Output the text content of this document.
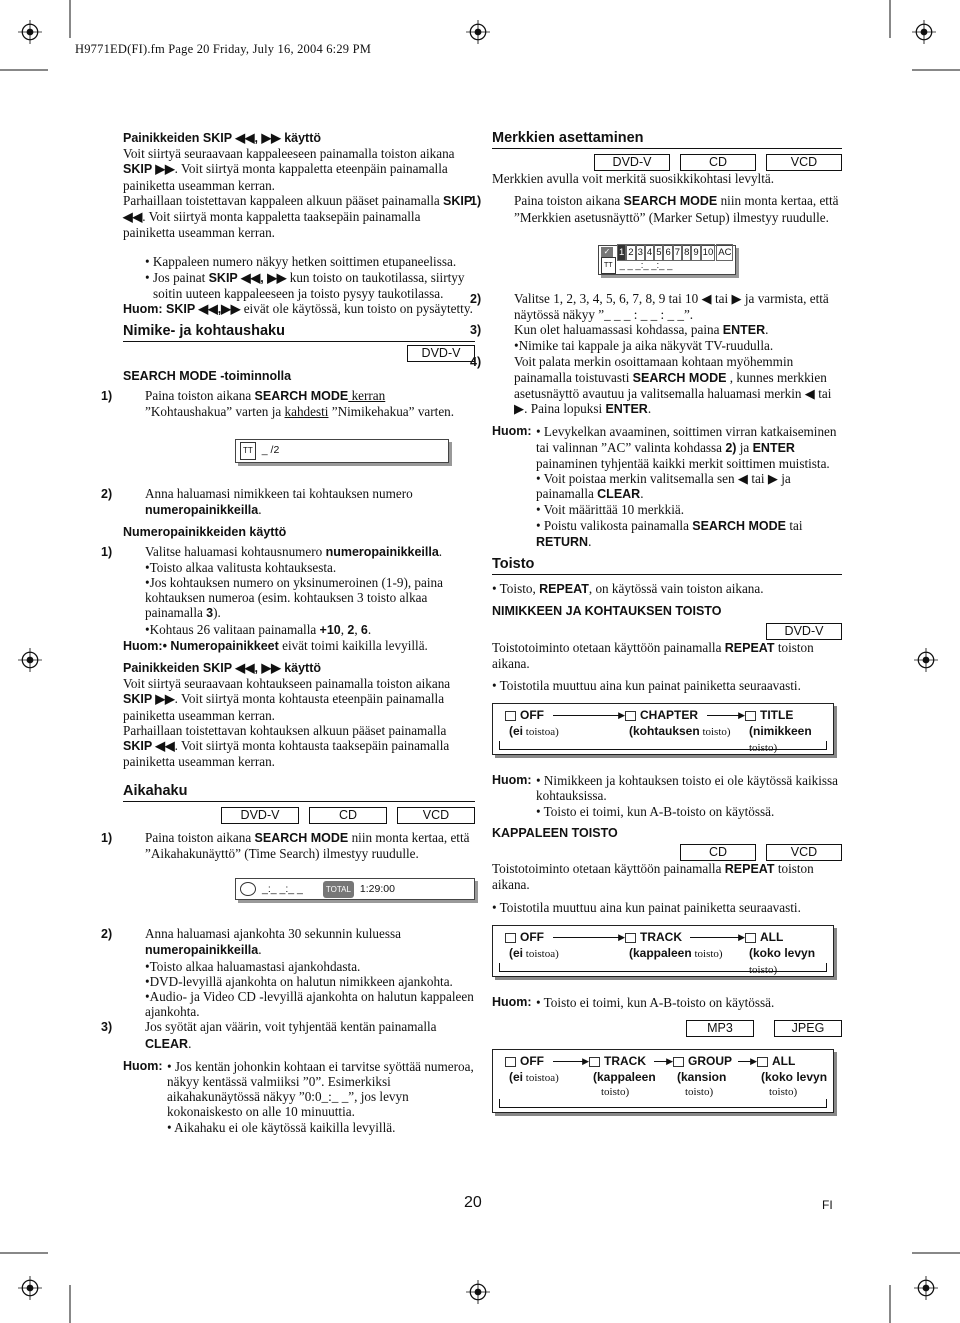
H9771ED(FI).fm Page 20 Friday, July 16, 2004 6:29 PM

Painikkeiden SKIP ◀◀, ▶▶ käyttö

Voit siirtyä seuraavaan kappaleeseen painamalla toiston aikana SKIP ▶▶. Voit siirtyä monta kappaletta eteenpäin painamalla painiketta useamman kerran.

Parhaillaan toistettavan kappaleen alkuun pääset painamalla SKIP ◀◀. Voit siirtyä monta kappaletta taaksepäin painamalla painiketta useamman kerran.

• Kappaleen numero näkyy hetken soittimen etupaneelissa.

• Jos painat SKIP ◀◀, ▶▶ kun toisto on taukotilassa, siirtyy soitin uuteen kappaleeseen ja toisto pysyy taukotilassa.

Huom: SKIP ◀◀,▶▶ eivät ole käytössä, kun toisto on pysäytetty.

Nimike- ja kohtaushaku

DVD-V

SEARCH MODE -toiminnolla

1) Paina toiston aikana SEARCH MODE kerran ”Kohtaushakua” varten ja kahdesti ”Nimikehakua” varten.

TT _ /2

2) Anna haluamasi nimikkeen tai kohtauksen numero numeropainikkeilla.

Numeropainikkeiden käyttö

1) Valitse haluamasi kohtausnumero numeropainikkeilla.

•Toisto alkaa valitusta kohtauksesta.

•Jos kohtauksen numero on yksinumeroinen (1-9), paina kohtauksen numeroa (esim. kohtauksen 3 toisto alkaa painamalla 3).

•Kohtaus 26 valitaan painamalla +10, 2, 6.

Huom:• Numeropainikkeet eivät toimi kaikilla levyillä.

Painikkeiden SKIP ◀◀, ▶▶ käyttö

Voit siirtyä seuraavaan kohtaukseen painamalla toiston aikana SKIP ▶▶. Voit siirtyä monta kohtausta eteenpäin painamalla painiketta useamman kerran.

Parhaillaan toistettavan kohtauksen alkuun pääset painamalla SKIP ◀◀. Voit siirtyä monta kohtausta taaksepäin painamalla painiketta useamman kerran.

Aikahaku

DVD-V	CD	VCD

1) Paina toiston aikana SEARCH MODE niin monta kertaa, että ”Aikahakunäyttö” (Time Search) ilmestyy ruudulle.

_:_ _:_ _	TOTAL 1:29:00

2) Anna haluamasi ajankohta 30 sekunnin kuluessa

numeropainikkeilla.

•Toisto alkaa haluamastasi ajankohdasta.

•DVD-levyillä ajankohta on halutun nimikkeen ajankohta.

•Audio- ja Video CD -levyillä ajankohta on halutun kappaleen ajankohta.

3) Jos syötät ajan väärin, voit tyhjentää kentän painamalla CLEAR.

Huom: • Jos kentän johonkin kohtaan ei tarvitse syöttää numeroa, näkyy kentässä valmiiksi ”0”. Esimerkiksi aikahakunäytössä näkyy ”0:0_:_ _”, jos levyn kokonaiskesto on alle 10 minuuttia.

• Aikahaku ei ole käytössä kaikilla levyillä.

Merkkien asettaminen

DVD-V	CD	VCD

Merkkien avulla voit merkitä suosikkikohtasi levyltä.

1) Paina toiston aikana SEARCH MODE niin monta kertaa, että ”Merkkien asetusnäyttö” (Marker Setup) ilmestyy ruudulle.

✓ 1 2 3 4 5 6 7 8 9 10 AC
TT _ _ _:_ _:_ _

2) Valitse 1, 2, 3, 4, 5, 6, 7, 8, 9 tai 10 ◀ tai ▶ ja varmista, että näytössä näkyy ”_ _ _ : _ _ : _ _”.

3) Kun olet haluamassasi kohdassa, paina ENTER.

•Nimike tai kappale ja aika näkyvät TV-ruudulla.

4) Voit palata merkin osoittamaan kohtaan myöhemmin painamalla toistuvasti SEARCH MODE , kunnes merkkien asetusnäyttö avautuu ja valitsemalla haluamasi merkin ◀ tai ▶. Paina lopuksi ENTER.

Huom: • Levykelkan avaaminen, soittimen virran katkaiseminen tai valinnan ”AC” valinta kohdassa 2) ja ENTER painaminen tyhjentää kaikki merkit soittimen muistista.

• Voit poistaa merkin valitsemalla sen ◀ tai ▶ ja painamalla CLEAR.

• Voit määrittää 10 merkkiä.

• Poistu valikosta painamalla SEARCH MODE tai RETURN.

Toisto

• Toisto, REPEAT, on käytössä vain toiston aikana.

NIMIKKEEN JA KOHTAUKSEN TOISTO

DVD-V

Toistotoiminto otetaan käyttöön painamalla REPEAT toiston aikana.

• Toistotila muuttuu aina kun painat painiketta seuraavasti.

OFF
(ei toistoa)
▶	CHAPTER
(kohtauksen toisto)
▶	TITLE
(nimikkeen toisto)
Huom: • Nimikkeen ja kohtauksen toisto ei ole käytössä kaikissa kohtauksissa.

• Toisto ei toimi, kun A-B-toisto on käytössä.

KAPPALEEN TOISTO

CD	VCD

Toistotoiminto otetaan käyttöön painamalla REPEAT toiston aikana.

• Toistotila muuttuu aina kun painat painiketta seuraavasti.

OFF
(ei toistoa)
▶	TRACK
(kappaleen toisto)
▶	ALL
(koko levyn toisto)
Huom: • Toisto ei toimi, kun A-B-toisto on käytössä.

MP3	JPEG
OFF
(ei toistoa)
▶	TRACK
(kappaleen
toisto)
▶	GROUP
(kansion
toisto)
▶	ALL
(koko levyn
toisto)
20	FI
